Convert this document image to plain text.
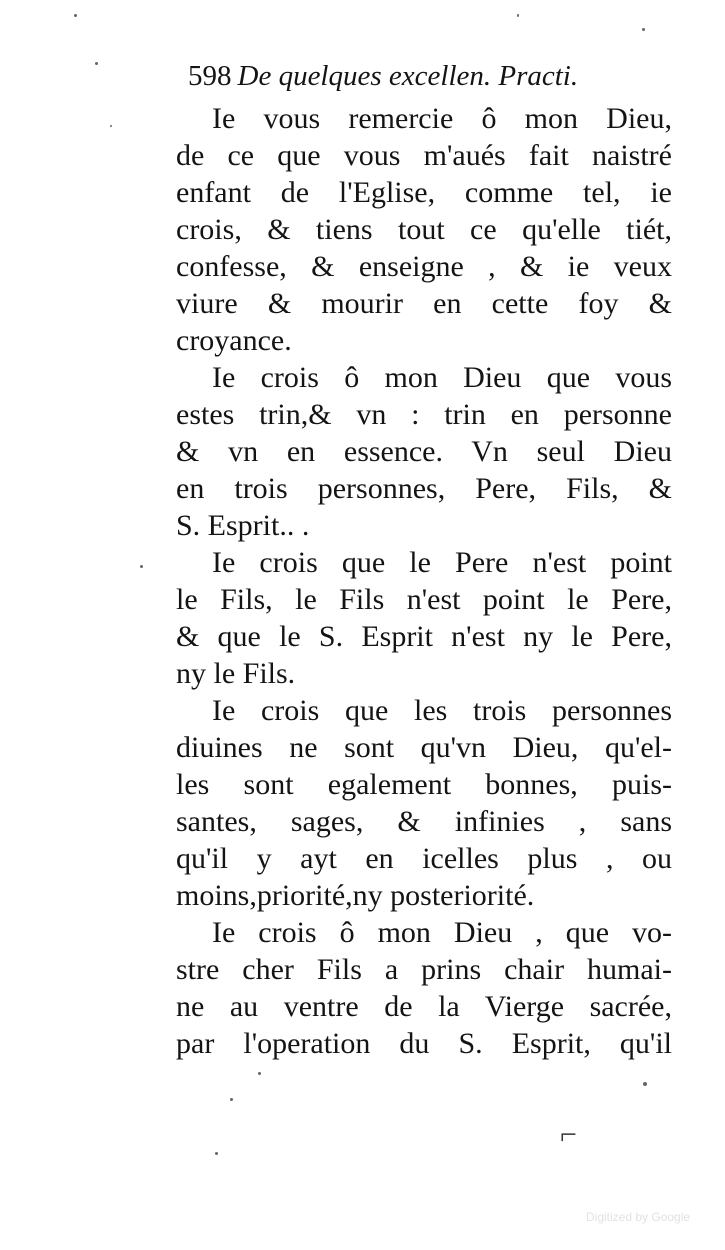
598 De quelques excellen. Practi.
Ie vous remercie ô mon Dieu,
de ce que vous m'aués fait naistré
enfant de l'Eglise, comme tel, ie
crois, & tiens tout ce qu'elle tiét,
confesse, & enseigne , & ie veux
viure & mourir en cette foy &
croyance.
Ie crois ô mon Dieu que vous
estes trin,& vn : trin en personne
& vn en essence. Vn seul Dieu
en trois personnes, Pere, Fils, &
S. Esprit.. .
Ie crois que le Pere n'est point
le Fils, le Fils n'est point le Pere,
& que le S. Esprit n'est ny le Pere,
ny le Fils.
Ie crois que les trois personnes
diuines ne sont qu'vn Dieu, qu'el-
les sont egalement bonnes, puis-
santes, sages, & infinies , sans
qu'il y ayt en icelles plus , ou
moins,priorité,ny posteriorité.
Ie crois ô mon Dieu , que vo-
stre cher Fils a prins chair humai-
ne au ventre de la Vierge sacrée,
par l'operation du S. Esprit, qu'il
⌐
Digitized by Google
